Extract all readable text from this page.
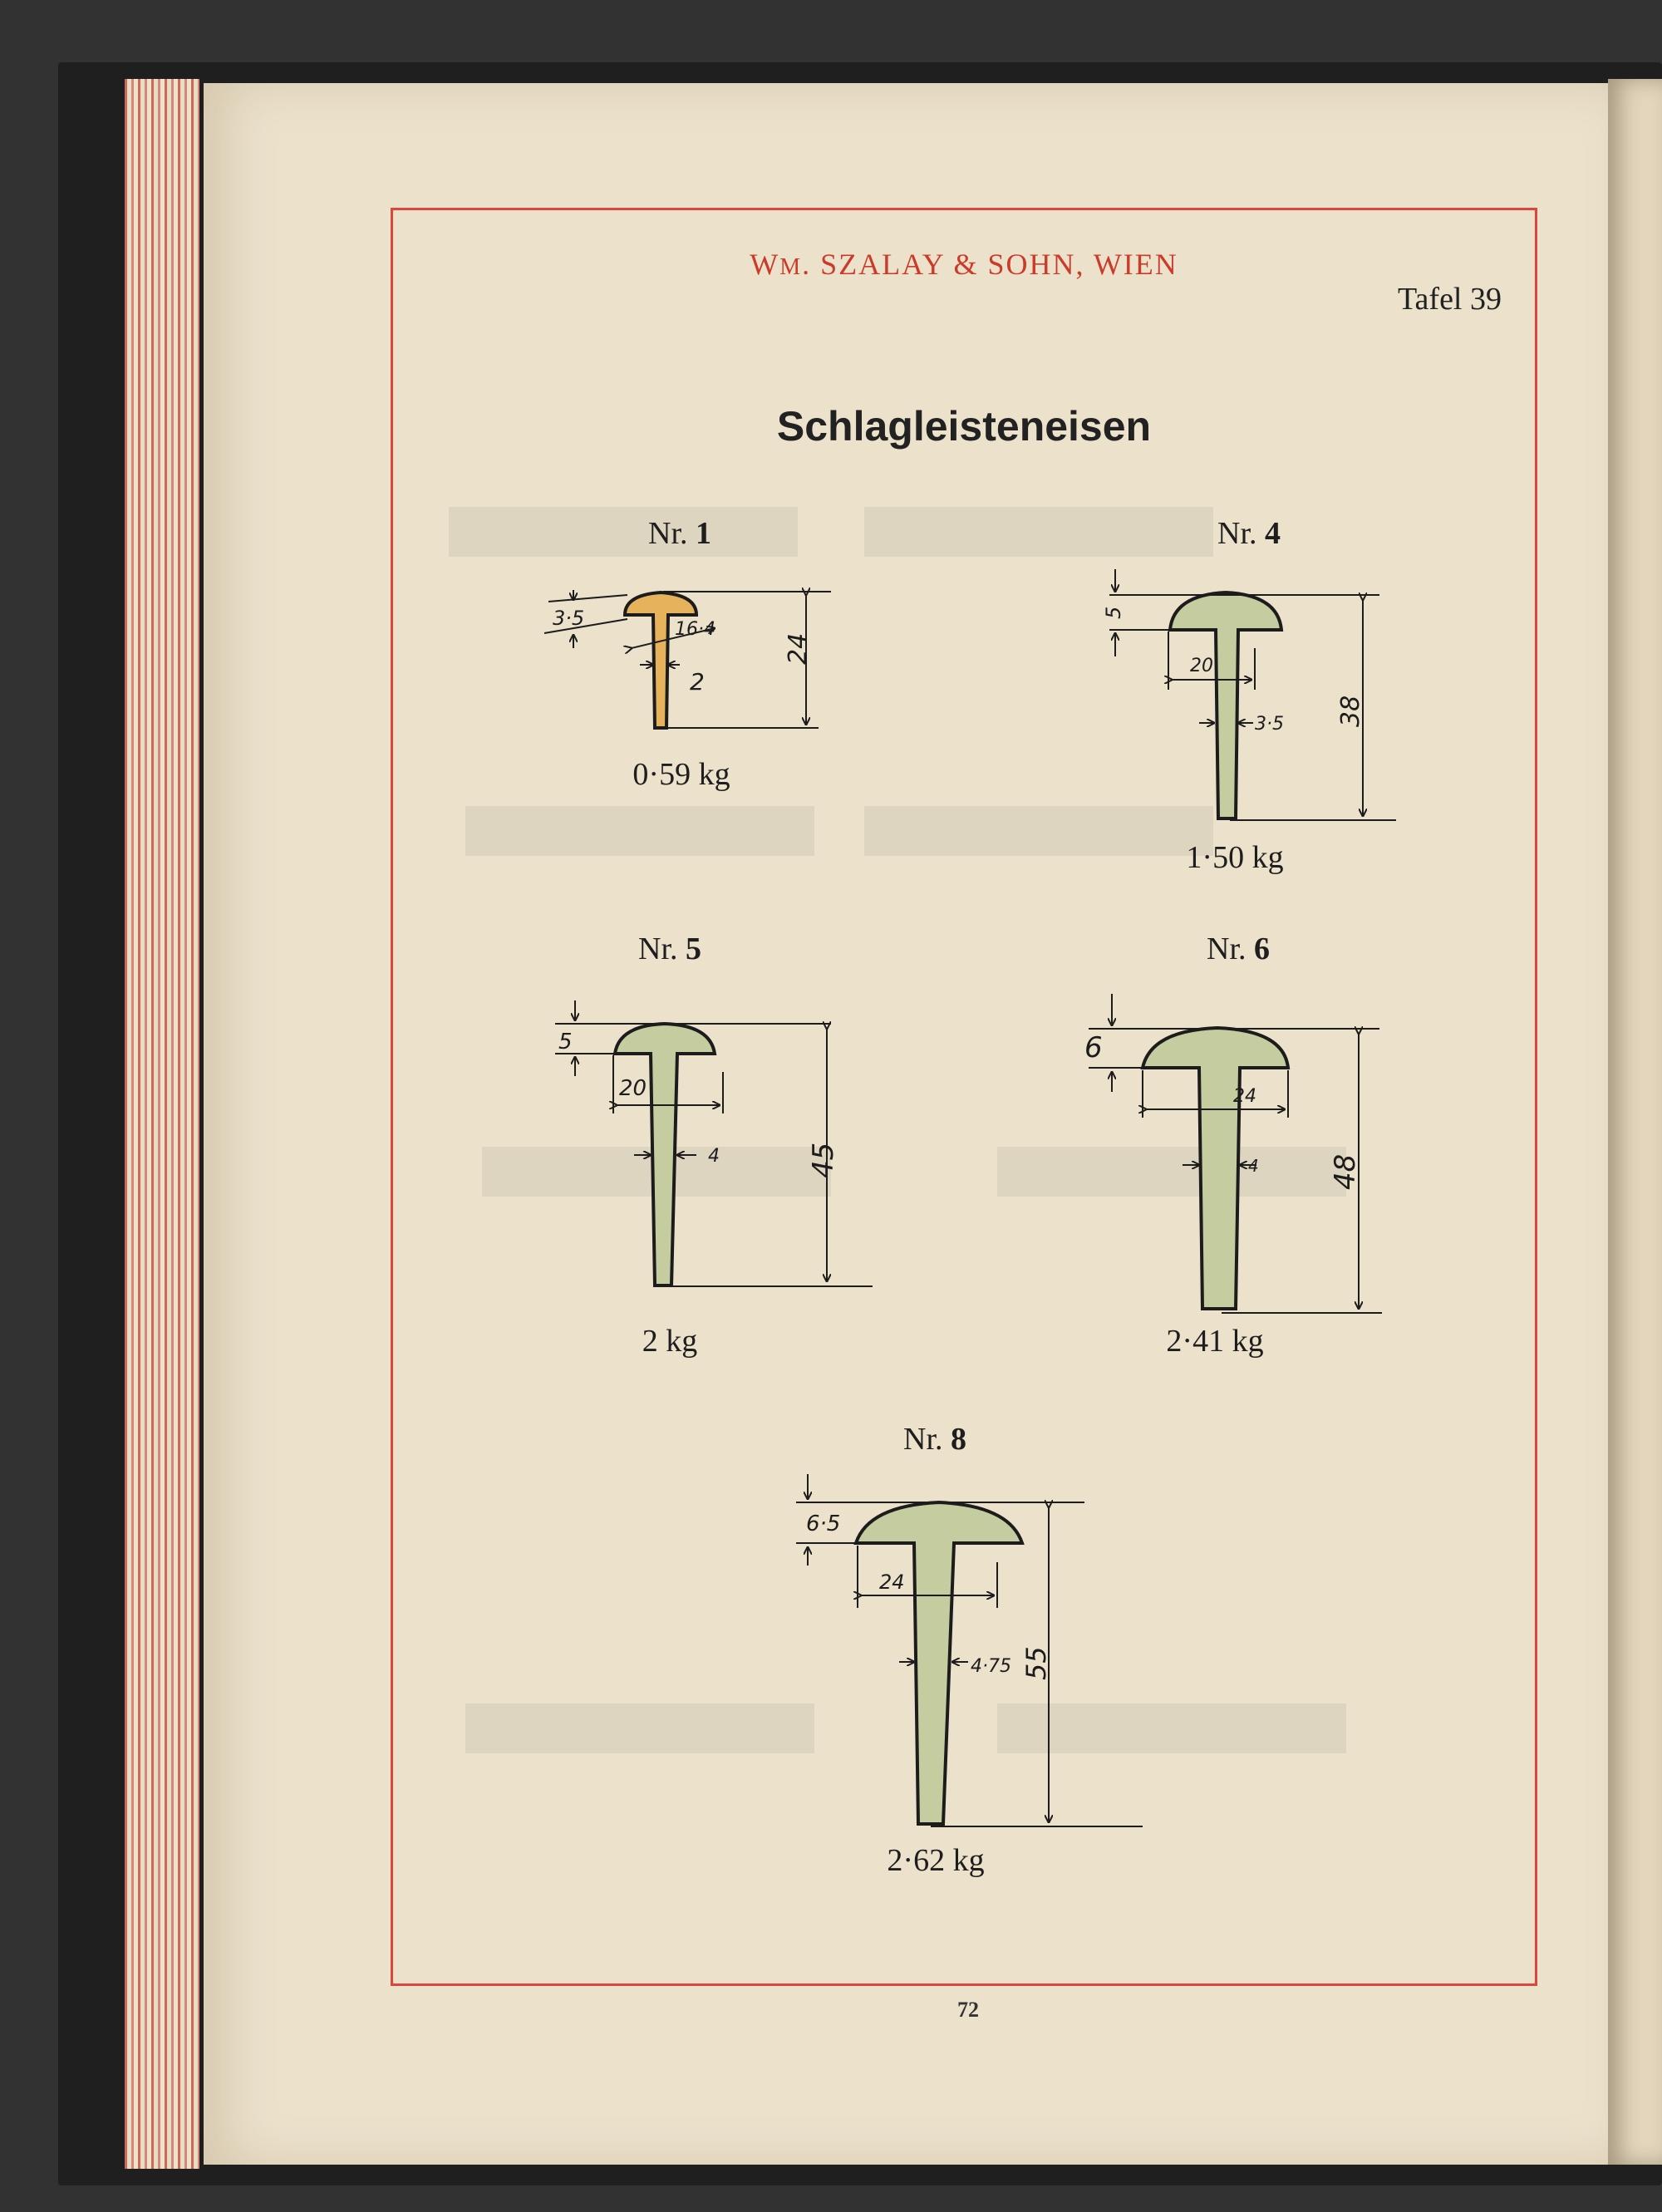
WM. SZALAY & SOHN, WIEN
Tafel 39
Schlagleisteneisen
Nr. 1
0·59 kg
Nr. 4
1·50 kg
Nr. 5
2 kg
Nr. 6
2·41 kg
Nr. 8
2·62 kg
3·5	16·4
2
24
5
20
3·5 38
5
20
4	45
6
24
4 48
6·5
24
4·75 55
72
